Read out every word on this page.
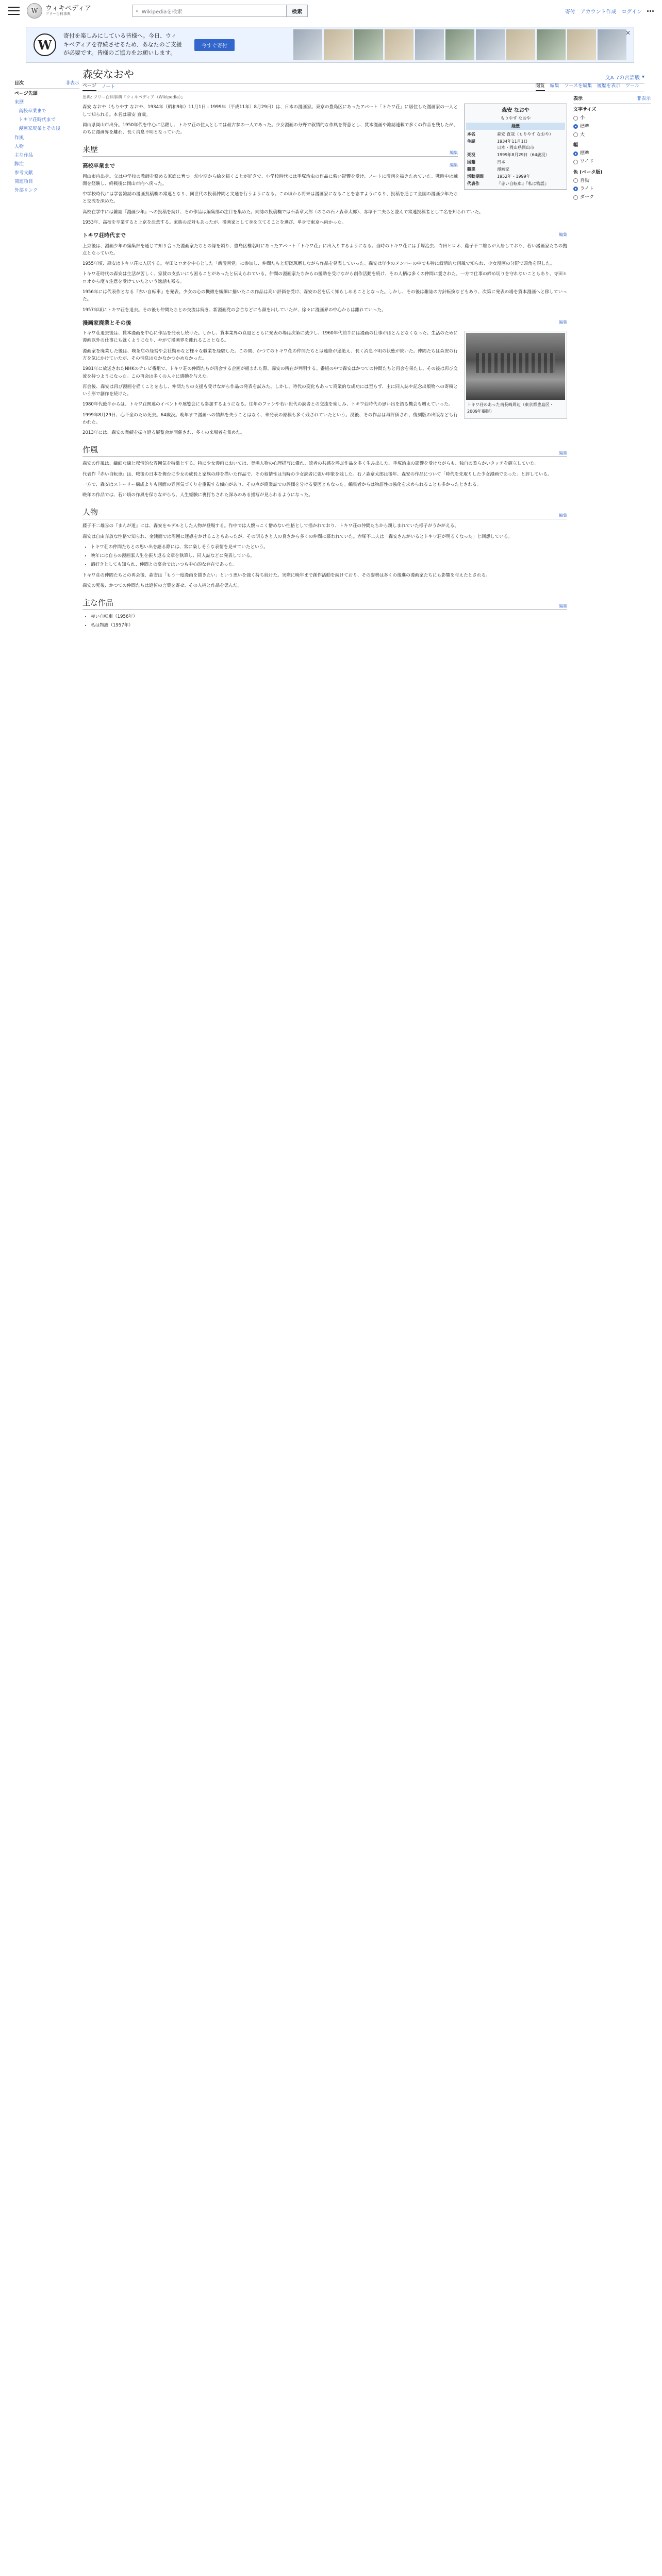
W	ウィキペディア
フリー百科事典
⌕ Wikipediaを検索	検索	寄付 アカウント作成 ログイン
W
寄付を楽しみにしている皆様へ。今日、ウィキペディアを存続させるため、あなたのご支援が必要です。皆様のご協力をお願いします。
今すぐ寄付
✕
森安なおや	文A 7の言語版 ▾
ページ ノート	閲覧 編集 ソースを編集 履歴を表示 ツール
目次	非表示
ページ先頭
来歴
高校卒業まで
トキワ荘時代まで
漫画家廃業とその後
作風
人物
主な作品
脚注
参考文献
関連項目
外部リンク
表示	非表示
文字サイズ
小
標準
大
幅
標準
ワイド
色 (ベータ版)
自動
ライト
ダーク
出典: フリー百科事典『ウィキペディア（Wikipedia）』
森安 なおや
もりやす なおや
経歴
本名	森安 直哉（もりやす なおや）
生誕	1934年11月1日
日本・岡山県岡山市
死没	1999年8月29日（64歳没）
国籍	日本
職業	漫画家
活動期間	1952年 - 1999年
代表作	『赤い自転車』『私は物語』

森安 なおや（もりやす なおや、1934年（昭和9年）11月1日 - 1999年（平成11年）8月29日）は、日本の漫画家。東京の豊島区にあったアパート「トキワ荘」に居住した漫画家の一人として知られる。本名は森安 直哉。

岡山県岡山市出身。1950年代を中心に活躍し、トキワ荘の住人としては最古参の一人であった。少女漫画の分野で叙情的な作風を得意とし、貸本漫画や雑誌連載で多くの作品を残したが、のちに漫画界を離れ、長く消息不明となっていた。

来歴	編集
高校卒業まで	編集

岡山市内出身。父は中学校の教師を務める家庭に育つ。幼少期から絵を描くことが好きで、小学校時代には手塚治虫の作品に強い影響を受け、ノートに漫画を描きためていた。戦時中は疎開を経験し、終戦後に岡山市内へ戻った。

中学校時代には学習雑誌の漫画投稿欄の常連となり、同世代の投稿仲間と文通を行うようになる。この頃から将来は漫画家になることを志すようになり、投稿を通じて全国の漫画少年たちと交流を深めた。

高校在学中には雑誌『漫画少年』への投稿を続け、その作品は編集部の注目を集めた。同誌の投稿欄では石森章太郎（のちの石ノ森章太郎）、赤塚不二夫らと並んで常連投稿者として名を知られていた。

1953年、高校を卒業すると上京を決意する。家族の反対もあったが、漫画家として身を立てることを選び、単身で東京へ向かった。

トキワ荘時代まで	編集

上京後は、漫画少年の編集部を通じて知り合った漫画家たちとの縁を頼り、豊島区椎名町にあったアパート「トキワ荘」に出入りするようになる。当時のトキワ荘には手塚治虫、寺田ヒロオ、藤子不二雄らが入居しており、若い漫画家たちの拠点となっていた。

1955年頃、森安はトキワ荘に入居する。寺田ヒロオを中心とした「新漫画党」に参加し、仲間たちと切磋琢磨しながら作品を発表していった。森安は年少のメンバーの中でも特に叙情的な画風で知られ、少女漫画の分野で頭角を現した。

トキワ荘時代の森安は生活が苦しく、家賃の支払いにも困ることがあったと伝えられている。仲間の漫画家たちからの援助を受けながら創作活動を続け、その人柄は多くの仲間に愛された。一方で仕事の締め切りを守れないこともあり、寺田ヒロオから度々注意を受けていたという逸話も残る。

1956年には代表作となる『赤い自転車』を発表。少女の心の機微を繊細に描いたこの作品は高い評価を受け、森安の名を広く知らしめることとなった。しかし、その後は雑誌の方針転換などもあり、次第に発表の場を貸本漫画へと移していった。

1957年頃にトキワ荘を退去。その後も仲間たちとの交流は続き、新漫画党の会合などにも顔を出していたが、徐々に漫画界の中心からは離れていった。

漫画家廃業とその後	編集
トキワ荘のあった南長崎周辺（東京都豊島区・2009年撮影）

トキワ荘退去後は、貸本漫画を中心に作品を発表し続けた。しかし、貸本業界の衰退とともに発表の場は次第に減少し、1960年代前半には漫画の仕事がほとんどなくなった。生活のために漫画以外の仕事にも就くようになり、やがて漫画界を離れることとなる。

漫画家を廃業した後は、喫茶店の経営や会社勤めなど様々な職業を経験した。この間、かつてのトキワ荘の仲間たちとは連絡が途絶え、長く消息不明の状態が続いた。仲間たちは森安の行方を気にかけていたが、その消息はなかなかつかめなかった。

1981年に放送されたNHKのテレビ番組で、トキワ荘の仲間たちが再会する企画が組まれた際、森安の所在が判明する。番組の中で森安はかつての仲間たちと再会を果たし、その後は再び交流を持つようになった。この再会は多くの人々に感動を与えた。

再会後、森安は再び漫画を描くことを志し、仲間たちの支援も受けながら作品の発表を試みた。しかし、時代の変化もあって商業的な成功には至らず、主に同人誌や記念出版物への寄稿という形で創作を続けた。

1980年代後半からは、トキワ荘関連のイベントや展覧会にも参加するようになる。往年のファンや若い世代の読者との交流を楽しみ、トキワ荘時代の思い出を語る機会も増えていった。

1999年8月29日、心不全のため死去。64歳没。晩年まで漫画への情熱を失うことはなく、未発表の原稿も多く残されていたという。没後、その作品は再評価され、復刻版の出版なども行われた。

2013年には、森安の業績を振り返る展覧会が開催され、多くの来場者を集めた。

作風	編集

森安の作風は、繊細な線と叙情的な雰囲気を特徴とする。特に少女漫画においては、登場人物の心理描写に優れ、読者の共感を呼ぶ作品を多く生み出した。手塚治虫の影響を受けながらも、独自の柔らかいタッチを確立していた。

代表作『赤い自転車』は、戦後の日本を舞台に少女の成長と家族の絆を描いた作品で、その叙情性は当時の少女読者に強い印象を残した。石ノ森章太郎は後年、森安の作品について「時代を先取りした少女漫画であった」と評している。

一方で、森安はストーリー構成よりも画面の雰囲気づくりを重視する傾向があり、その点が商業誌での評価を分ける要因ともなった。編集者からは物語性の強化を求められることも多かったとされる。

晩年の作品では、若い頃の作風を保ちながらも、人生経験に裏打ちされた深みのある描写が見られるようになった。

人物	編集

藤子不二雄Ⓐの『まんが道』には、森安をモデルとした人物が登場する。作中では人懐っこく憎めない性格として描かれており、トキワ荘の仲間たちから親しまれていた様子がうかがえる。

森安は自由奔放な性格で知られ、金銭面では周囲に迷惑をかけることもあったが、その明るさと人の良さから多くの仲間に慕われていた。赤塚不二夫は「森安さんがいるとトキワ荘が明るくなった」と回想している。

• トキワ荘の仲間たちとの思い出を語る際には、常に楽しそうな表情を見せていたという。
• 晩年には自らの漫画家人生を振り返る文章を執筆し、同人誌などに発表している。
• 酒好きとしても知られ、仲間との宴会ではいつも中心的な存在であった。

トキワ荘の仲間たちとの再会後、森安は「もう一度漫画を描きたい」という思いを強く持ち続けた。実際に晩年まで創作活動を続けており、その姿勢は多くの後進の漫画家たちにも影響を与えたとされる。

森安の死後、かつての仲間たちは追悼の言葉を寄せ、その人柄と作品を偲んだ。

主な作品	編集
• 赤い自転車（1956年）
• 私は物語（1957年）
